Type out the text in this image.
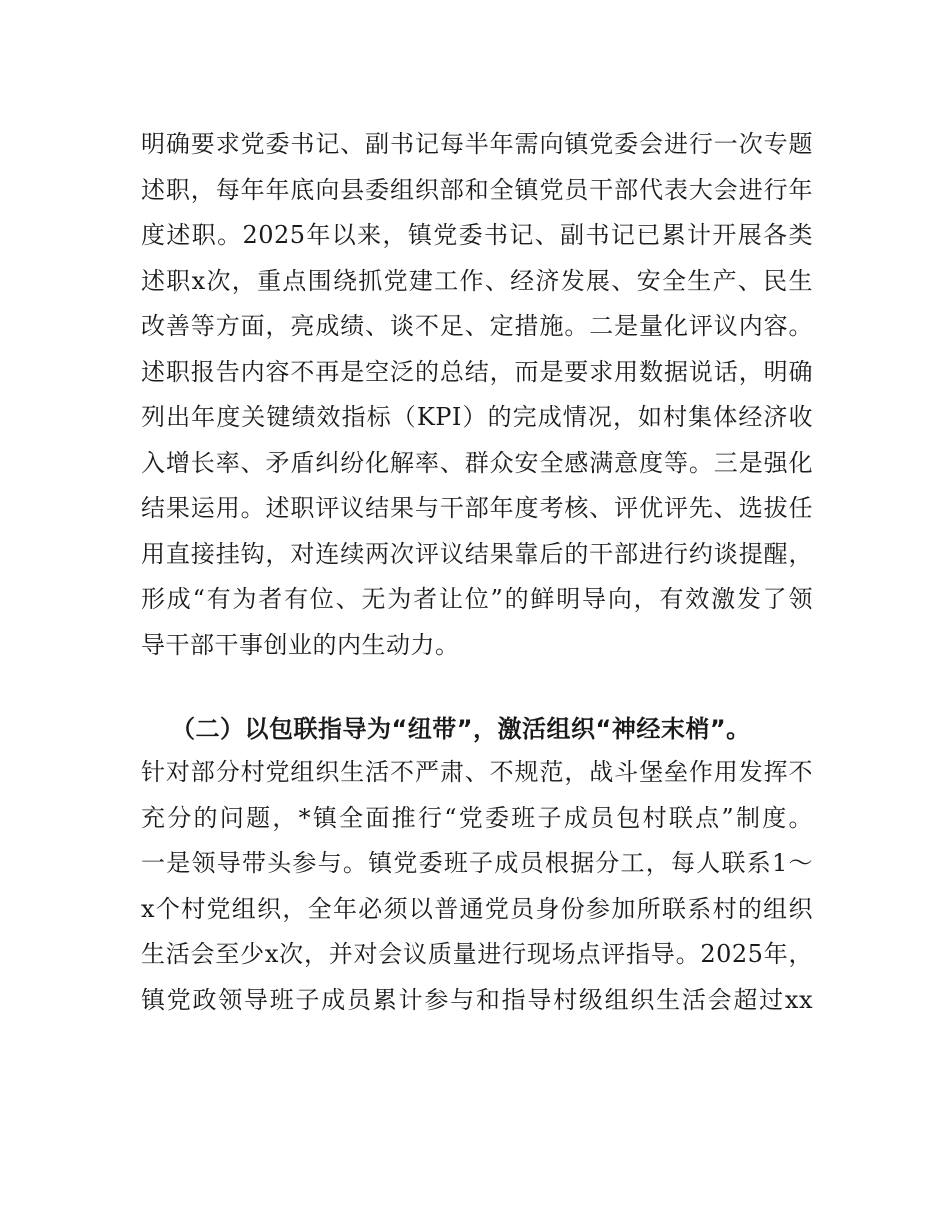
明确要求党委书记、副书记每半年需向镇党委会进行一次专题
述职，每年年底向县委组织部和全镇党员干部代表大会进行年
度述职。2025年以来，镇党委书记、副书记已累计开展各类
述职x次，重点围绕抓党建工作、经济发展、安全生产、民生
改善等方面，亮成绩、谈不足、定措施。二是量化评议内容。
述职报告内容不再是空泛的总结，而是要求用数据说话，明确
列出年度关键绩效指标（KPI）的完成情况，如村集体经济收
入增长率、矛盾纠纷化解率、群众安全感满意度等。三是强化
结果运用。述职评议结果与干部年度考核、评优评先、选拔任
用直接挂钩，对连续两次评议结果靠后的干部进行约谈提醒，
形成“有为者有位、无为者让位”的鲜明导向，有效激发了领
导干部干事创业的内生动力。
（二）以包联指导为“纽带”，激活组织“神经末梢”。
针对部分村党组织生活不严肃、不规范，战斗堡垒作用发挥不
充分的问题，*镇全面推行“党委班子成员包村联点”制度。
一是领导带头参与。镇党委班子成员根据分工，每人联系1～
x个村党组织，全年必须以普通党员身份参加所联系村的组织
生活会至少x次，并对会议质量进行现场点评指导。2025年，
镇党政领导班子成员累计参与和指导村级组织生活会超过xx
